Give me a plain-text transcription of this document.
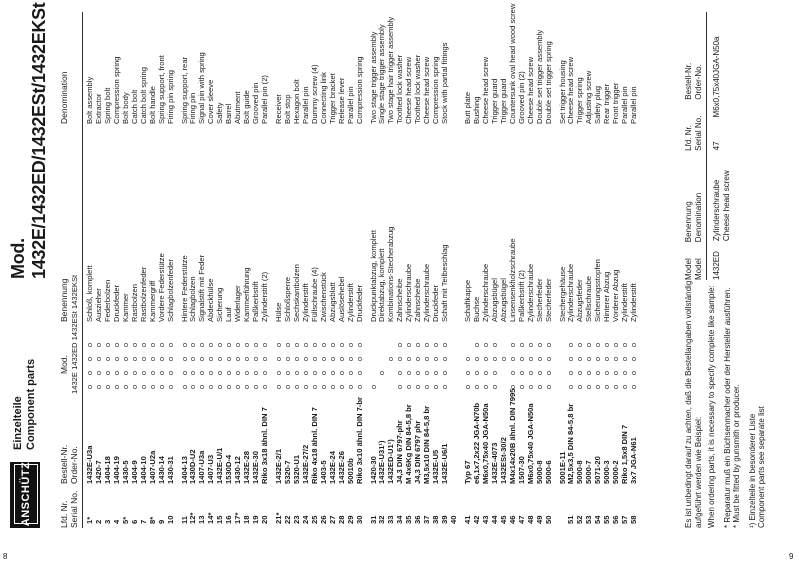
8	9
ANSCHÜTZ
Einzelteile Component parts
Mod. 1432E/1432ED/1432ESt/1432EKSt
Lfd. Nr. Serial No.
Bestell-Nr. Order-No.
Mod.
1432E 1432ED 1432ESt 1432EKSt
Benennung
Denomination
1*
1432E-U3a
o
o
o
o
Schloß, komplett
Bolt assembly
2
1420-7
o
o
o
o
Auszieher
Extractor
3
1404-18
o
o
o
o
Federbolzen
Spring bolt
4
1404-19
o
o
o
o
Druckfeder
Compression spring
5*
1430-5
o
o
o
o
Kammer
Bolt body
6
1404-9
o
o
o
o
Rastbolzen
Catch bolt
7
1404-10
o
o
o
o
Rastbolzenfeder
Catch bolt spring
8*
1407-U2a
o
o
o
o
Kammergriff
Bolt handle
9
1430-14
o
o
o
o
Vordere Federstütze
Spring support, front
10
1430-31
o
o
o
o
Schlagbolzenfeder
Firing pin spring
11
1404-13
o
o
o
o
Hintere Federstütze
Spring support, rear
12*
1430D-U2
o
o
o
o
Schlagbolzen
Firing pin
13
1407-U3a
o
o
o
o
Signalstift mit Feder
Signal pin with spring
14*
1407-U3
o
o
o
o
Abdeckhülse
Cover sleeve
15
1432E-U/1
o
o
o
o
Sicherung
Safety
16
1530D-4
o
o
o
o
Lauf
Barrel
17*
1430-12
o
o
o
o
Widerlager
Abutment
18
1432E-28
o
o
o
o
Kammerführung
Bolt guide
19
1432E-30
o
o
o
o
Paßkerbstift
Grooved pin
20
Riko 3x18 ähnl. DIN 7
o
o
o
o
Zylinderstift (2)
Parallel pin (2)
21*
1432E-2/1
o
o
o
o
Hülse
Receiver
22
5320-7
o
o
o
o
Schloßsperre
Bolt stop
23
5320-U1
o
o
o
o
Sechskantbolzen
Hexagon bolt
24
1432E-27/2
o
o
o
o
Zylinderstift
Parallel pin
25
Riko 4x18 ähnl. DIN 7
o
o
o
o
Füllschraube (4)
Dummy screw (4)
26
1403-5
o
o
o
o
Zwischenstück
Connecting link
27
1432E-24
o
o
o
o
Abzugsblatt
Trigger bracket
28
1432E-26
o
o
o
o
Auslösehebel
Release lever
29
50010b
o
o
o
o
Zylinderstift
Parallel pin
30
Riko 3x10 ähnl. DIN 7-br
o
o
o
o
Druckfeder
Compression spring
31
1420-30
o
Druckpunktabzug, komplett
Two stage trigger assembly
32
1432E-U31¹)
o
Direktabzug, komplett
Single stage trigger assembly
33
1432ED-U1¹)
o
Kombinations-Stecherabzug
Two stage hair trigger assembly
34
J4,3 DIN 6797-phr
o
o
o
o
Zahnscheibe
Toothed lock washer
35
M 4x6Kg DIN 84-5,8 br
o
o
o
o
Zylinderschraube
Cheese head screw
36
J4,3 DIN 6797 phr
o
o
o
o
Zahnscheibe
Toothed lock washer
37
M3,5x10 DIN 84-5,8 br
o
o
o
o
Zylinderschraube
Cheese head screw
38
1432E-U5
o
o
o
o
Druckfeder
Compression spring
39
1432E-U6/1
o
o
o
o
Schaft mit Teilbeschlag
Stock with partial fittings
40 41
Typ 67
o
o
o
Schaftkappe
Butt plate
42
e6,1x7,2x22 JGA-N70b
o
o
o
o
Buchse
Bushing
43
M6x0,75x40 JGA-N50a
o
o
o
o
Zylinderschraube
Cheese head screw
44
1432E-4073
o
o
o
o
Abzugsbügel
Trigger guard
45
1432ESt-30/2
o
Abzugsbügel
Trigger guard
46
M4x14x20B ähnl. DIN 7995
o
o
o
o
Linsensenkholzschraube
Countersunk oval head wood screw
47
1507-30
o
o
o
o
Paßkerbstift (2)
Grooved pin (2)
48
M6x0,75x40 JGA-N50a
o
o
o
o
Zylinderschraube
Cheese head screw
49
5000-8
o
o
o
o
Stecherfeder
Double set trigger assembly
50
5000-6
o
o
o
o
Stecherfeder
Double set trigger spring
5001E-11
Stechergehäuse
Set trigger housing
51
M2,5x3,5 DIN 84-5,8 br
o
o
o
o
Zylinderschraube
Cheese head screw
52
5000-8
o
o
o
o
Abzugsfeder
Trigger spring
53
5000-7
o
o
o
o
Stellschraube
Adjusting screw
54
5071-20
o
o
o
o
Sicherungsstopfen
Safety plug
55
5000-3
o
o
o
o
Hinterer Abzug
Rear trigger
56
5000-2
o
o
o
o
Vorderer Abzug
Front trigger
57
Riko 1,5x8 DIN 7
o
o
o
o
Zylinderstift
Parallel pin
58
3x7 JGA-N61
o
o
o
o
Zylinderstift
Parallel pin
Es ist unbedingt darauf zu achten, daß die Bestellangaben vollständig aufgeführt werden wie Beispiel: When ordering parts, it is necessary to specify complete like sample: * Reparatur muß ein Büchsenmacher oder der Hersteller ausführen. * Must be fitted by gunsmith or producer. ¹) Einzelteile in besonderer Liste Component parts see separate list
Model Model
Benennung Denomination
Lfd. Nr. Serial No.
Bestell-Nr. Order-No.
1432ED
Zylinderschraube Cheese head screw
47
M6x0,75x40JGA-N50a
